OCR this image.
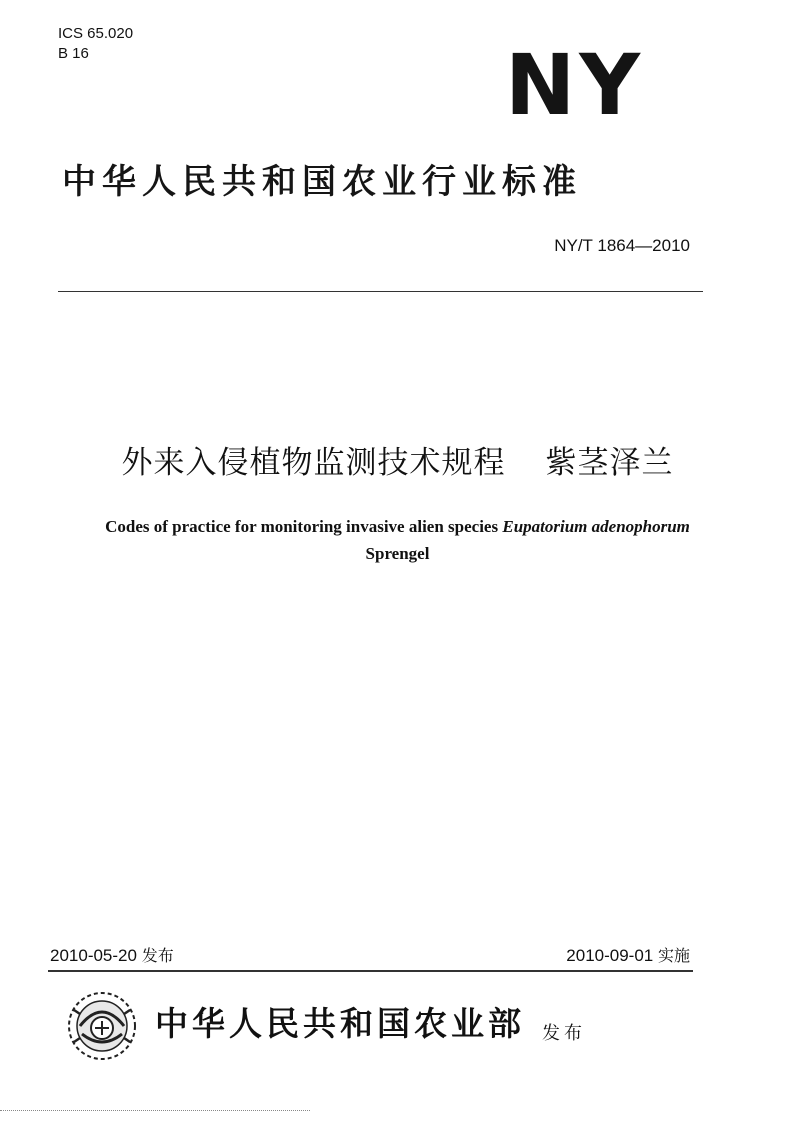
ICS 65.020
B 16	NY
中华人民共和国农业行业标准
NY/T 1864—2010
外来入侵植物监测技术规程 紫茎泽兰
Codes of practice for monitoring invasive alien species Eupatorium adenophorum
Sprengel
2010-05-20 发布	2010-09-01 实施
中华人民共和国农业部 发布
